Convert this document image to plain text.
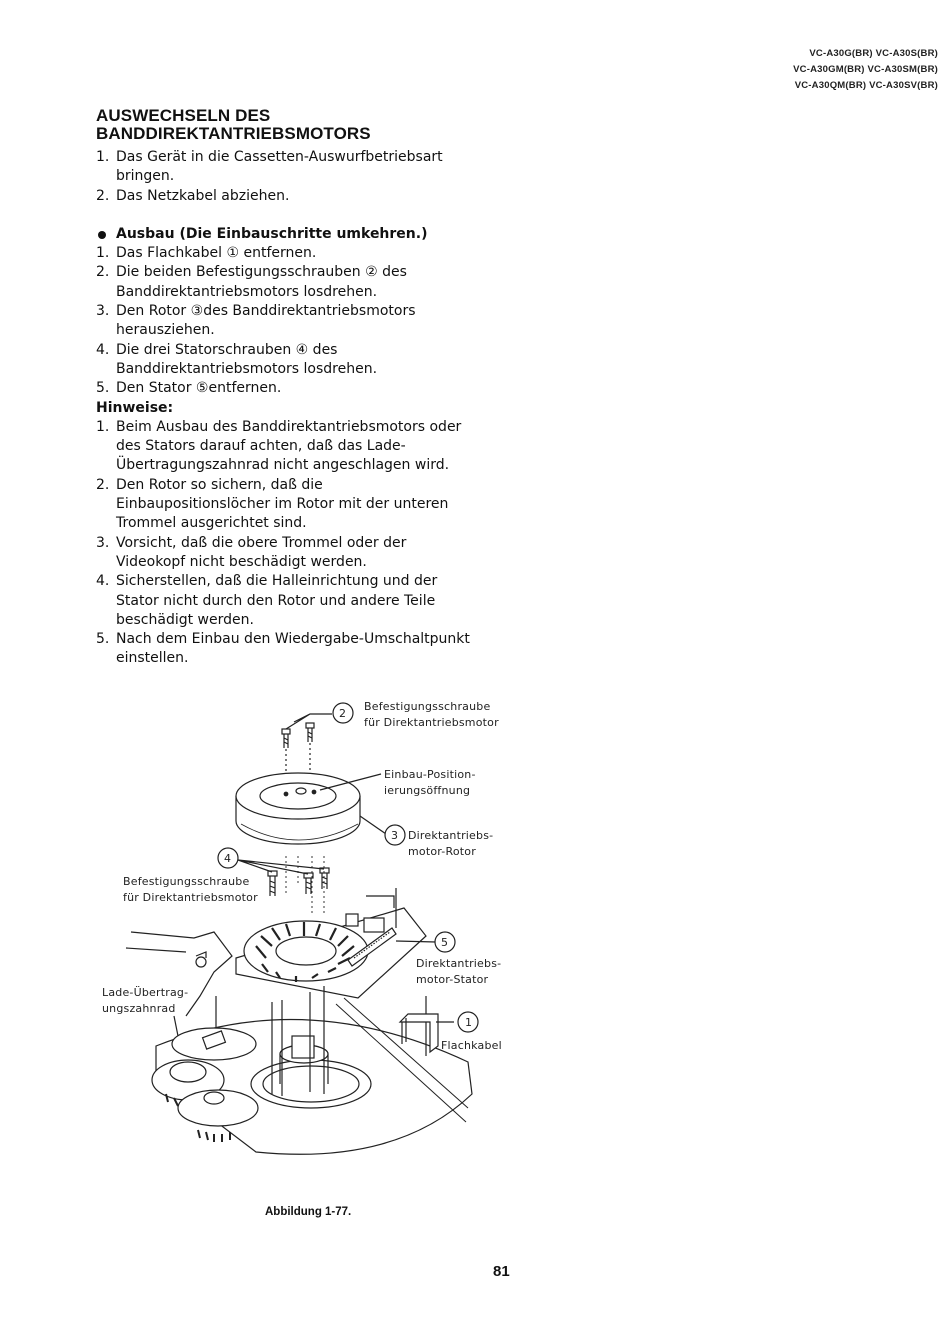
VC-A30G(BR) VC-A30S(BR)
VC-A30GM(BR) VC-A30SM(BR)
VC-A30QM(BR) VC-A30SV(BR)
AUSWECHSELN DES
BANDDIREKTANTRIEBSMOTORS
1. Das Gerät in die Cassetten-Auswurfbetriebsart bringen.
2. Das Netzkabel abziehen.
Ausbau (Die Einbauschritte umkehren.)
1. Das Flachkabel ① entfernen.
2. Die beiden Befestigungsschrauben ② des Banddirektantriebsmotors losdrehen.
3. Den Rotor ③des Banddirektantriebsmotors herausziehen.
4. Die drei Statorschrauben ④ des Banddirektantriebsmotors losdrehen.
5. Den Stator ⑤entfernen.
Hinweise:
1. Beim Ausbau des Banddirektantriebsmotors oder des Stators darauf achten, daß das Lade-Übertragungszahnrad nicht angeschlagen wird.
2. Den Rotor so sichern, daß die Einbaupositionslöcher im Rotor mit der unteren Trommel ausgerichtet sind.
3. Vorsicht, daß die obere Trommel oder der Videokopf nicht beschädigt werden.
4. Sicherstellen, daß die Halleinrichtung und der Stator nicht durch den Rotor und andere Teile beschädigt werden.
5. Nach dem Einbau den Wiedergabe-Umschaltpunkt einstellen.
2
Befestigungsschraube
für Direktantriebsmotor
Einbau-Position-
ierungsöffnung
3 Direktantriebs-
motor-Rotor
4
Befestigungsschraube
für Direktantriebsmotor
5
Direktantriebs-
motor-Stator
Lade-Übertrag-
ungszahnrad
1
Flachkabel
Abbildung 1-77.
81
